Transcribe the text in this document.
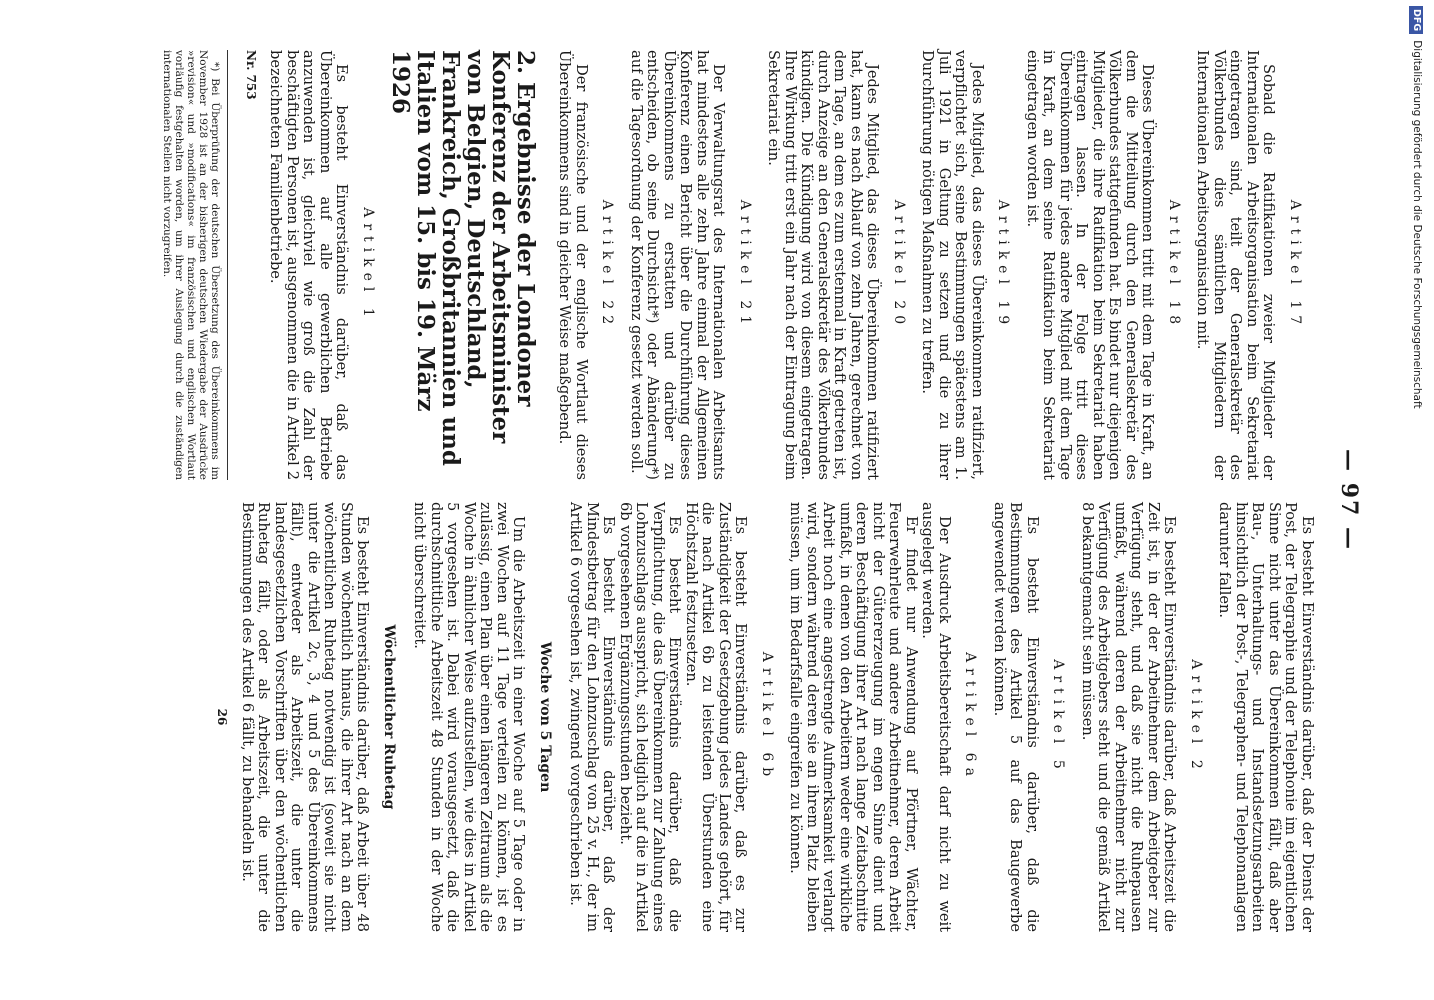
— 97 —
Artikel 17

Sobald die Ratifikationen zweier Mitglieder der Internationalen Arbeitsorganisation beim Sekretariat eingetragen sind, teilt der Generalsekretär des Völkerbundes dies sämtlichen Mitgliedern der Internationalen Arbeitsorganisation mit.

Artikel 18

Dieses Übereinkommen tritt mit dem Tage in Kraft, an dem die Mitteilung durch den Generalsekretär des Völkerbundes stattgefunden hat. Es bindet nur diejenigen Mitglieder, die ihre Ratifikation beim Sekretariat haben eintragen lassen. In der Folge tritt dieses Übereinkommen für jedes andere Mitglied mit dem Tage in Kraft, an dem seine Ratifikation beim Sekretariat eingetragen worden ist.

Artikel 19

Jedes Mitglied, das dieses Übereinkommen ratifiziert, verpflichtet sich, seine Bestimmungen spätestens am 1. Juli 1921 in Geltung zu setzen und die zu ihrer Durchführung nötigen Maßnahmen zu treffen.

Artikel 20

Jedes Mitglied, das dieses Übereinkommen ratifiziert hat, kann es nach Ablauf von zehn Jahren, gerechnet von dem Tage, an dem es zum erstenmal in Kraft getreten ist, durch Anzeige an den Generalsekretär des Völkerbundes kündigen. Die Kündigung wird von diesem eingetragen. Ihre Wirkung tritt erst ein Jahr nach der Eintragung beim Sekretariat ein.

Artikel 21

Der Verwaltungsrat des Internationalen Arbeitsamts hat mindestens alle zehn Jahre einmal der Allgemeinen Konferenz einen Bericht über die Durchführung dieses Übereinkommens zu erstatten und darüber zu entscheiden, ob seine Durchsicht*) oder Abänderung*) auf die Tagesordnung der Konferenz gesetzt werden soll.

Artikel 22

Der französische und der englische Wortlaut dieses Übereinkommens sind in gleicher Weise maßgebend.

2. Ergebnisse der Londoner Konferenz der Arbeitsminister von Belgien, Deutschland, Frankreich, Großbritannien und Italien vom 15. bis 19. März 1926
Artikel 1

Es besteht Einverständnis darüber, daß das Übereinkommen auf alle gewerblichen Betriebe anzuwenden ist, gleichviel wie groß die Zahl der beschäftigten Personen ist, ausgenommen die in Artikel 2 bezeichneten Familienbetriebe.

Nr. 753
*) Bei Überprüfung der deutschen Übersetzung des Übereinkommens im November 1928 ist an der bisherigen deutschen Wiedergabe der Ausdrücke »revision« und »modifications« im französischen und englischen Wortlaut vorläufig festgehalten worden, um ihrer Auslegung durch die zuständigen internationalen Stellen nicht vorzugreifen.

Es besteht Einverständnis darüber, daß der Dienst der Post, der Telegraphie und der Telephonie im eigentlichen Sinne nicht unter das Übereinkommen fällt, daß aber Bau-, Unterhaltungs- und Instandsetzungsarbeiten hinsichtlich der Post-, Telegraphen- und Telephonanlagen darunter fallen.

Artikel 2

Es besteht Einverständnis darüber, daß Arbeitszeit die Zeit ist, in der der Arbeitnehmer dem Arbeitgeber zur Verfügung steht, und daß sie nicht die Ruhepausen umfaßt, während deren der Arbeitnehmer nicht zur Verfügung des Arbeitgebers steht und die gemäß Artikel 8 bekanntgemacht sein müssen.

Artikel 5

Es besteht Einverständnis darüber, daß die Bestimmungen des Artikel 5 auf das Baugewerbe angewendet werden können.

Artikel 6a

Der Ausdruck Arbeitsbereitschaft darf nicht zu weit ausgelegt werden.

Er findet nur Anwendung auf Pförtner, Wächter, Feuerwehrleute und andere Arbeitnehmer, deren Arbeit nicht der Gütererzeugung im engen Sinne dient und deren Beschäftigung ihrer Art nach lange Zeitabschnitte umfaßt, in denen von den Arbeitern weder eine wirkliche Arbeit noch eine angestrengte Aufmerksamkeit verlangt wird, sondern während deren sie an ihrem Platz bleiben müssen, um im Bedarfsfalle eingreifen zu können.

Artikel 6b

Es besteht Einverständnis darüber, daß es zur Zuständigkeit der Gesetzgebung jedes Landes gehört, für die nach Artikel 6b zu leistenden Überstunden eine Höchstzahl festzusetzen.

Es besteht Einverständnis darüber, daß die Verpflichtung, die das Übereinkommen zur Zahlung eines Lohnzuschlags ausspricht, sich lediglich auf die in Artikel 6b vorgesehenen Ergänzungsstunden bezieht.

Es besteht Einverständnis darüber, daß der Mindestbetrag für den Lohnzuschlag von 25 v. H., der im Artikel 6 vorgesehen ist, zwingend vorgeschrieben ist.

Woche von 5 Tagen

Um die Arbeitszeit in einer Woche auf 5 Tage oder in zwei Wochen auf 11 Tage verteilen zu können, ist es zulässig, einen Plan über einen längeren Zeitraum als die Woche in ähnlicher Weise aufzustellen, wie dies in Artikel 5 vorgesehen ist. Dabei wird vorausgesetzt, daß die durchschnittliche Arbeitszeit 48 Stunden in der Woche nicht überschreitet.

Wöchentlicher Ruhetag

Es besteht Einverständnis darüber, daß Arbeit über 48 Stunden wöchentlich hinaus, die ihrer Art nach an dem wöchentlichen Ruhetag notwendig ist (soweit sie nicht unter die Artikel 2c, 3, 4 und 5 des Übereinkommens fällt), entweder als Arbeitszeit, die unter die landesgesetzlichen Vorschriften über den wöchentlichen Ruhetag fällt, oder als Arbeitszeit, die unter die Bestimmungen des Artikel 6 fällt, zu behandeln ist.

26
DFGDigitalisierung gefördert durch die Deutsche Forschungsgemeinschaft
